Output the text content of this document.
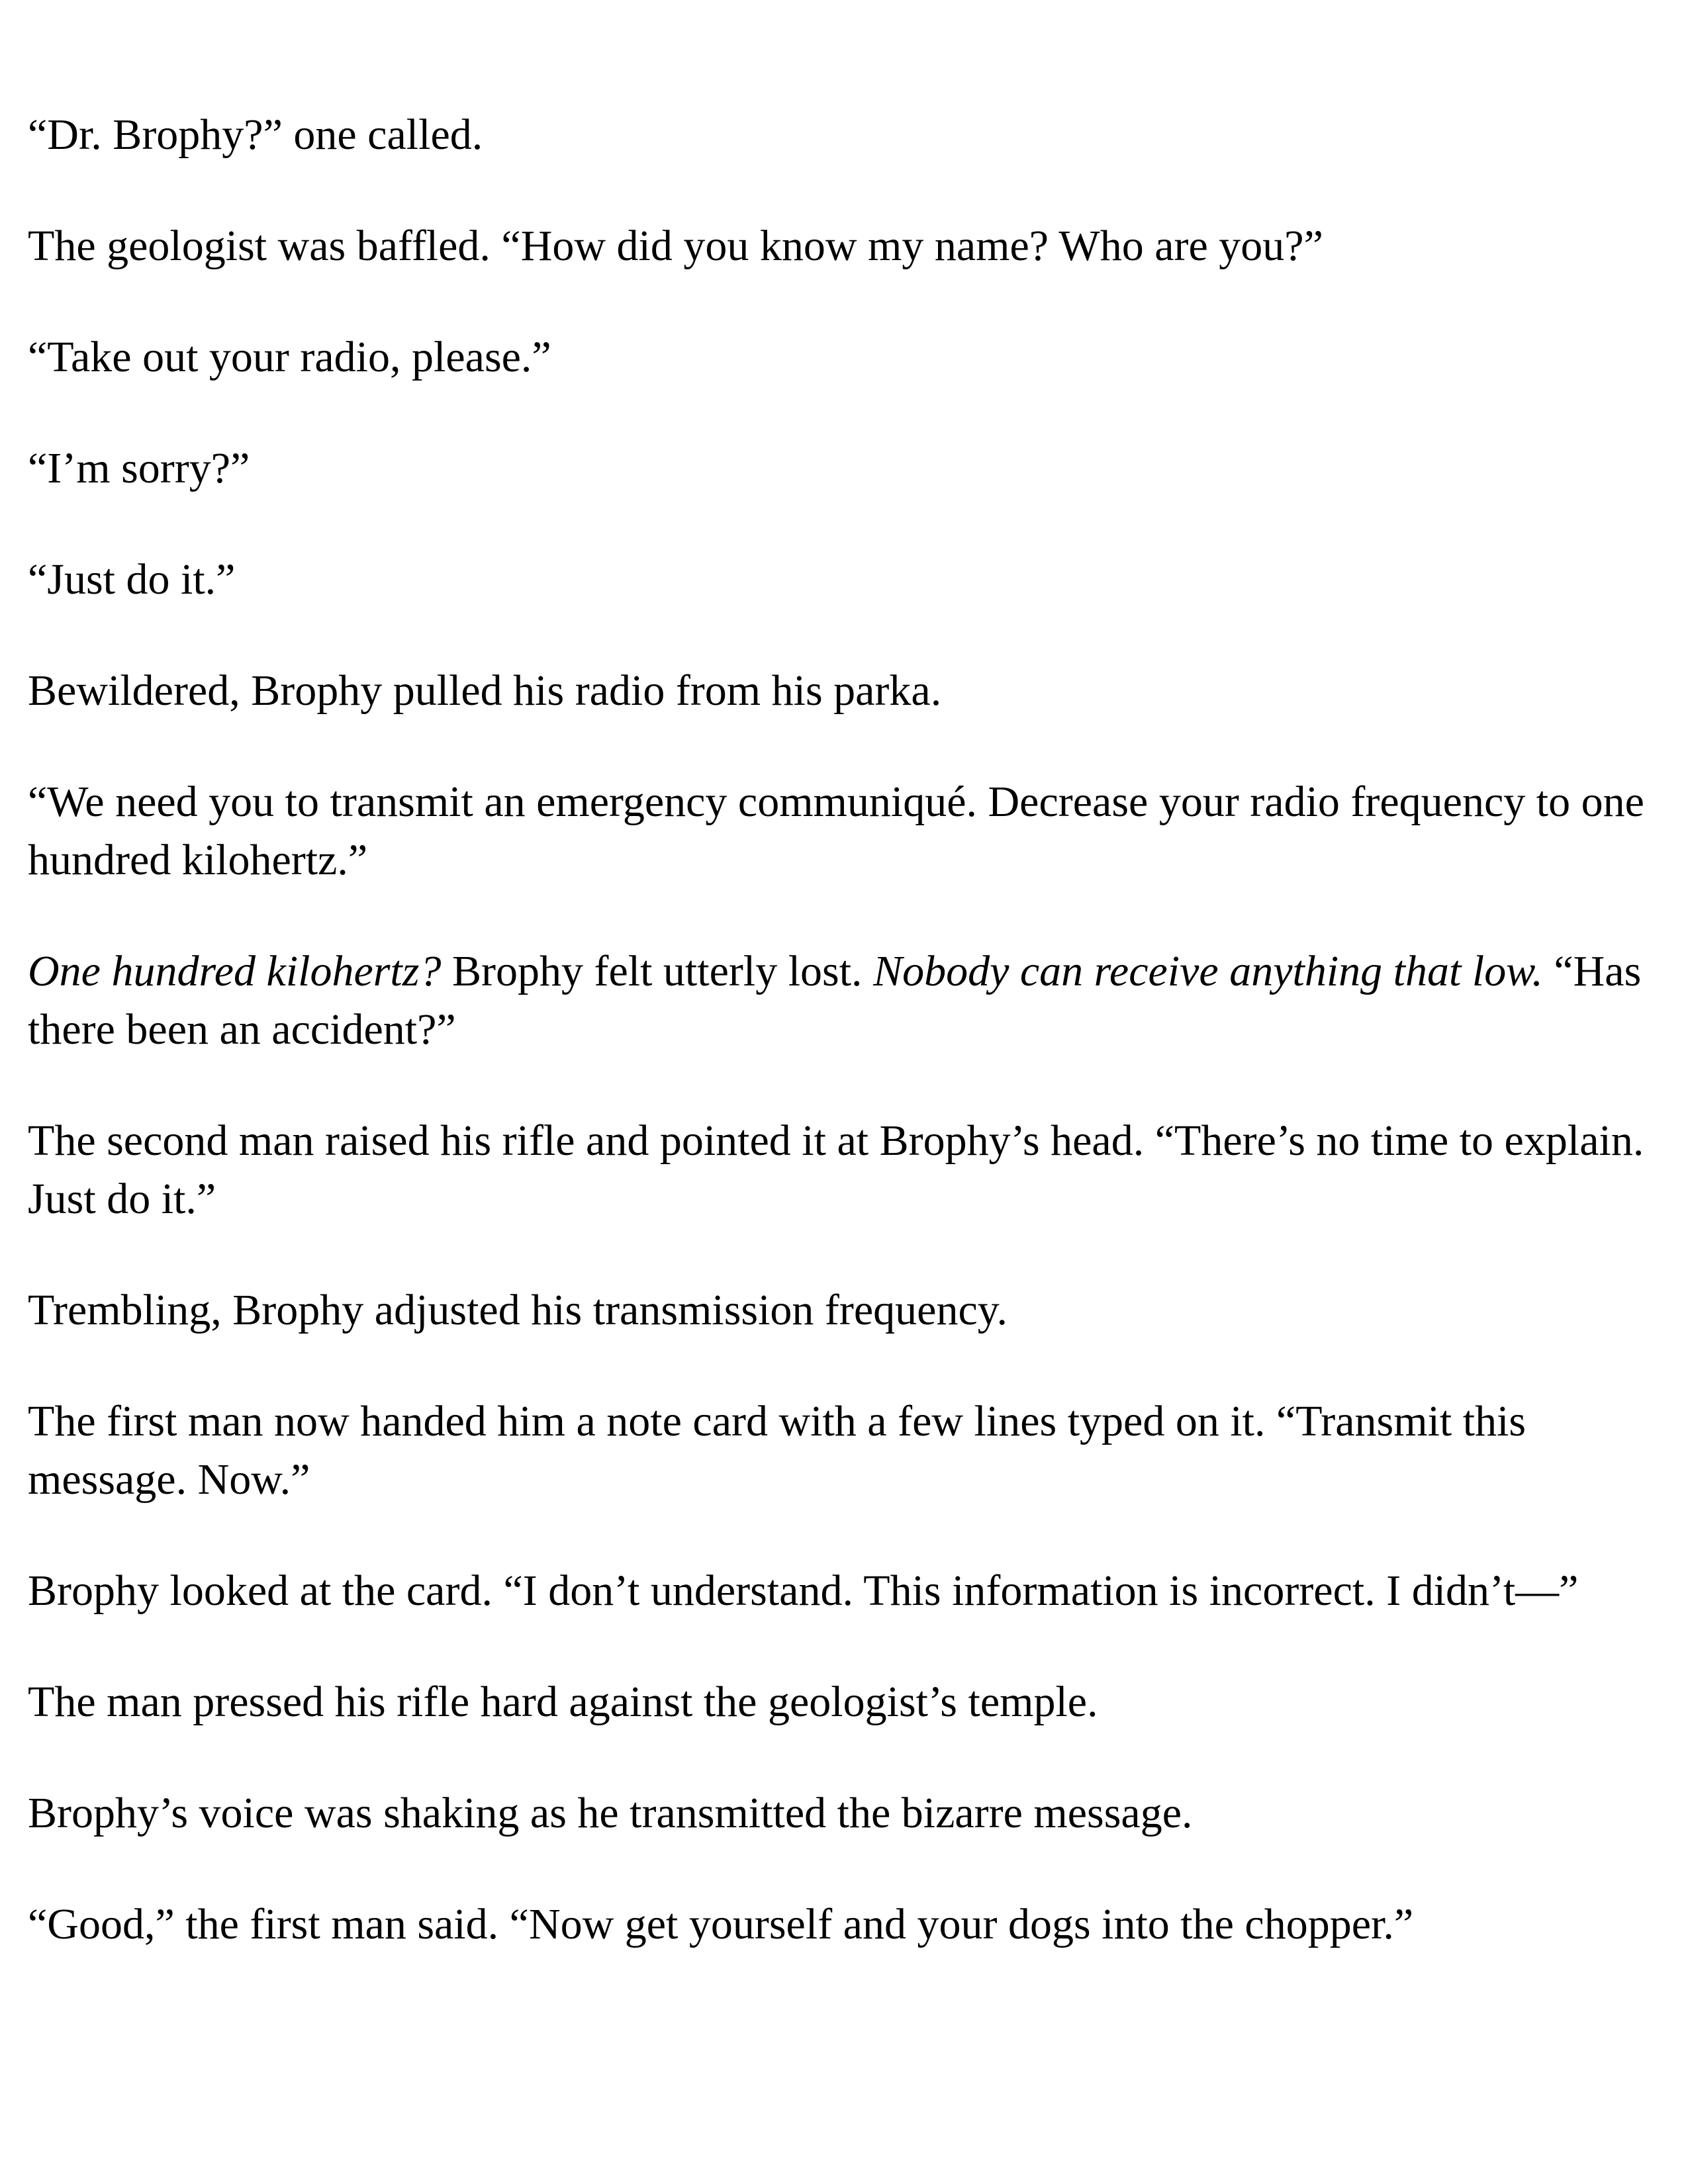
“Dr. Brophy?” one called.

The geologist was baffled. “How did you know my name? Who are you?”

“Take out your radio, please.”

“I’m sorry?”

“Just do it.”

Bewildered, Brophy pulled his radio from his parka.

“We need you to transmit an emergency communiqué. Decrease your radio frequency to one hundred kilohertz.”

One hundred kilohertz? Brophy felt utterly lost. Nobody can receive anything that low. “Has there been an accident?”

The second man raised his rifle and pointed it at Brophy’s head. “There’s no time to explain. Just do it.”

Trembling, Brophy adjusted his transmission frequency.

The first man now handed him a note card with a few lines typed on it. “Transmit this message. Now.”

Brophy looked at the card. “I don’t understand. This information is incorrect. I didn’t—”

The man pressed his rifle hard against the geologist’s temple.

Brophy’s voice was shaking as he transmitted the bizarre message.

“Good,” the first man said. “Now get yourself and your dogs into the chopper.”
